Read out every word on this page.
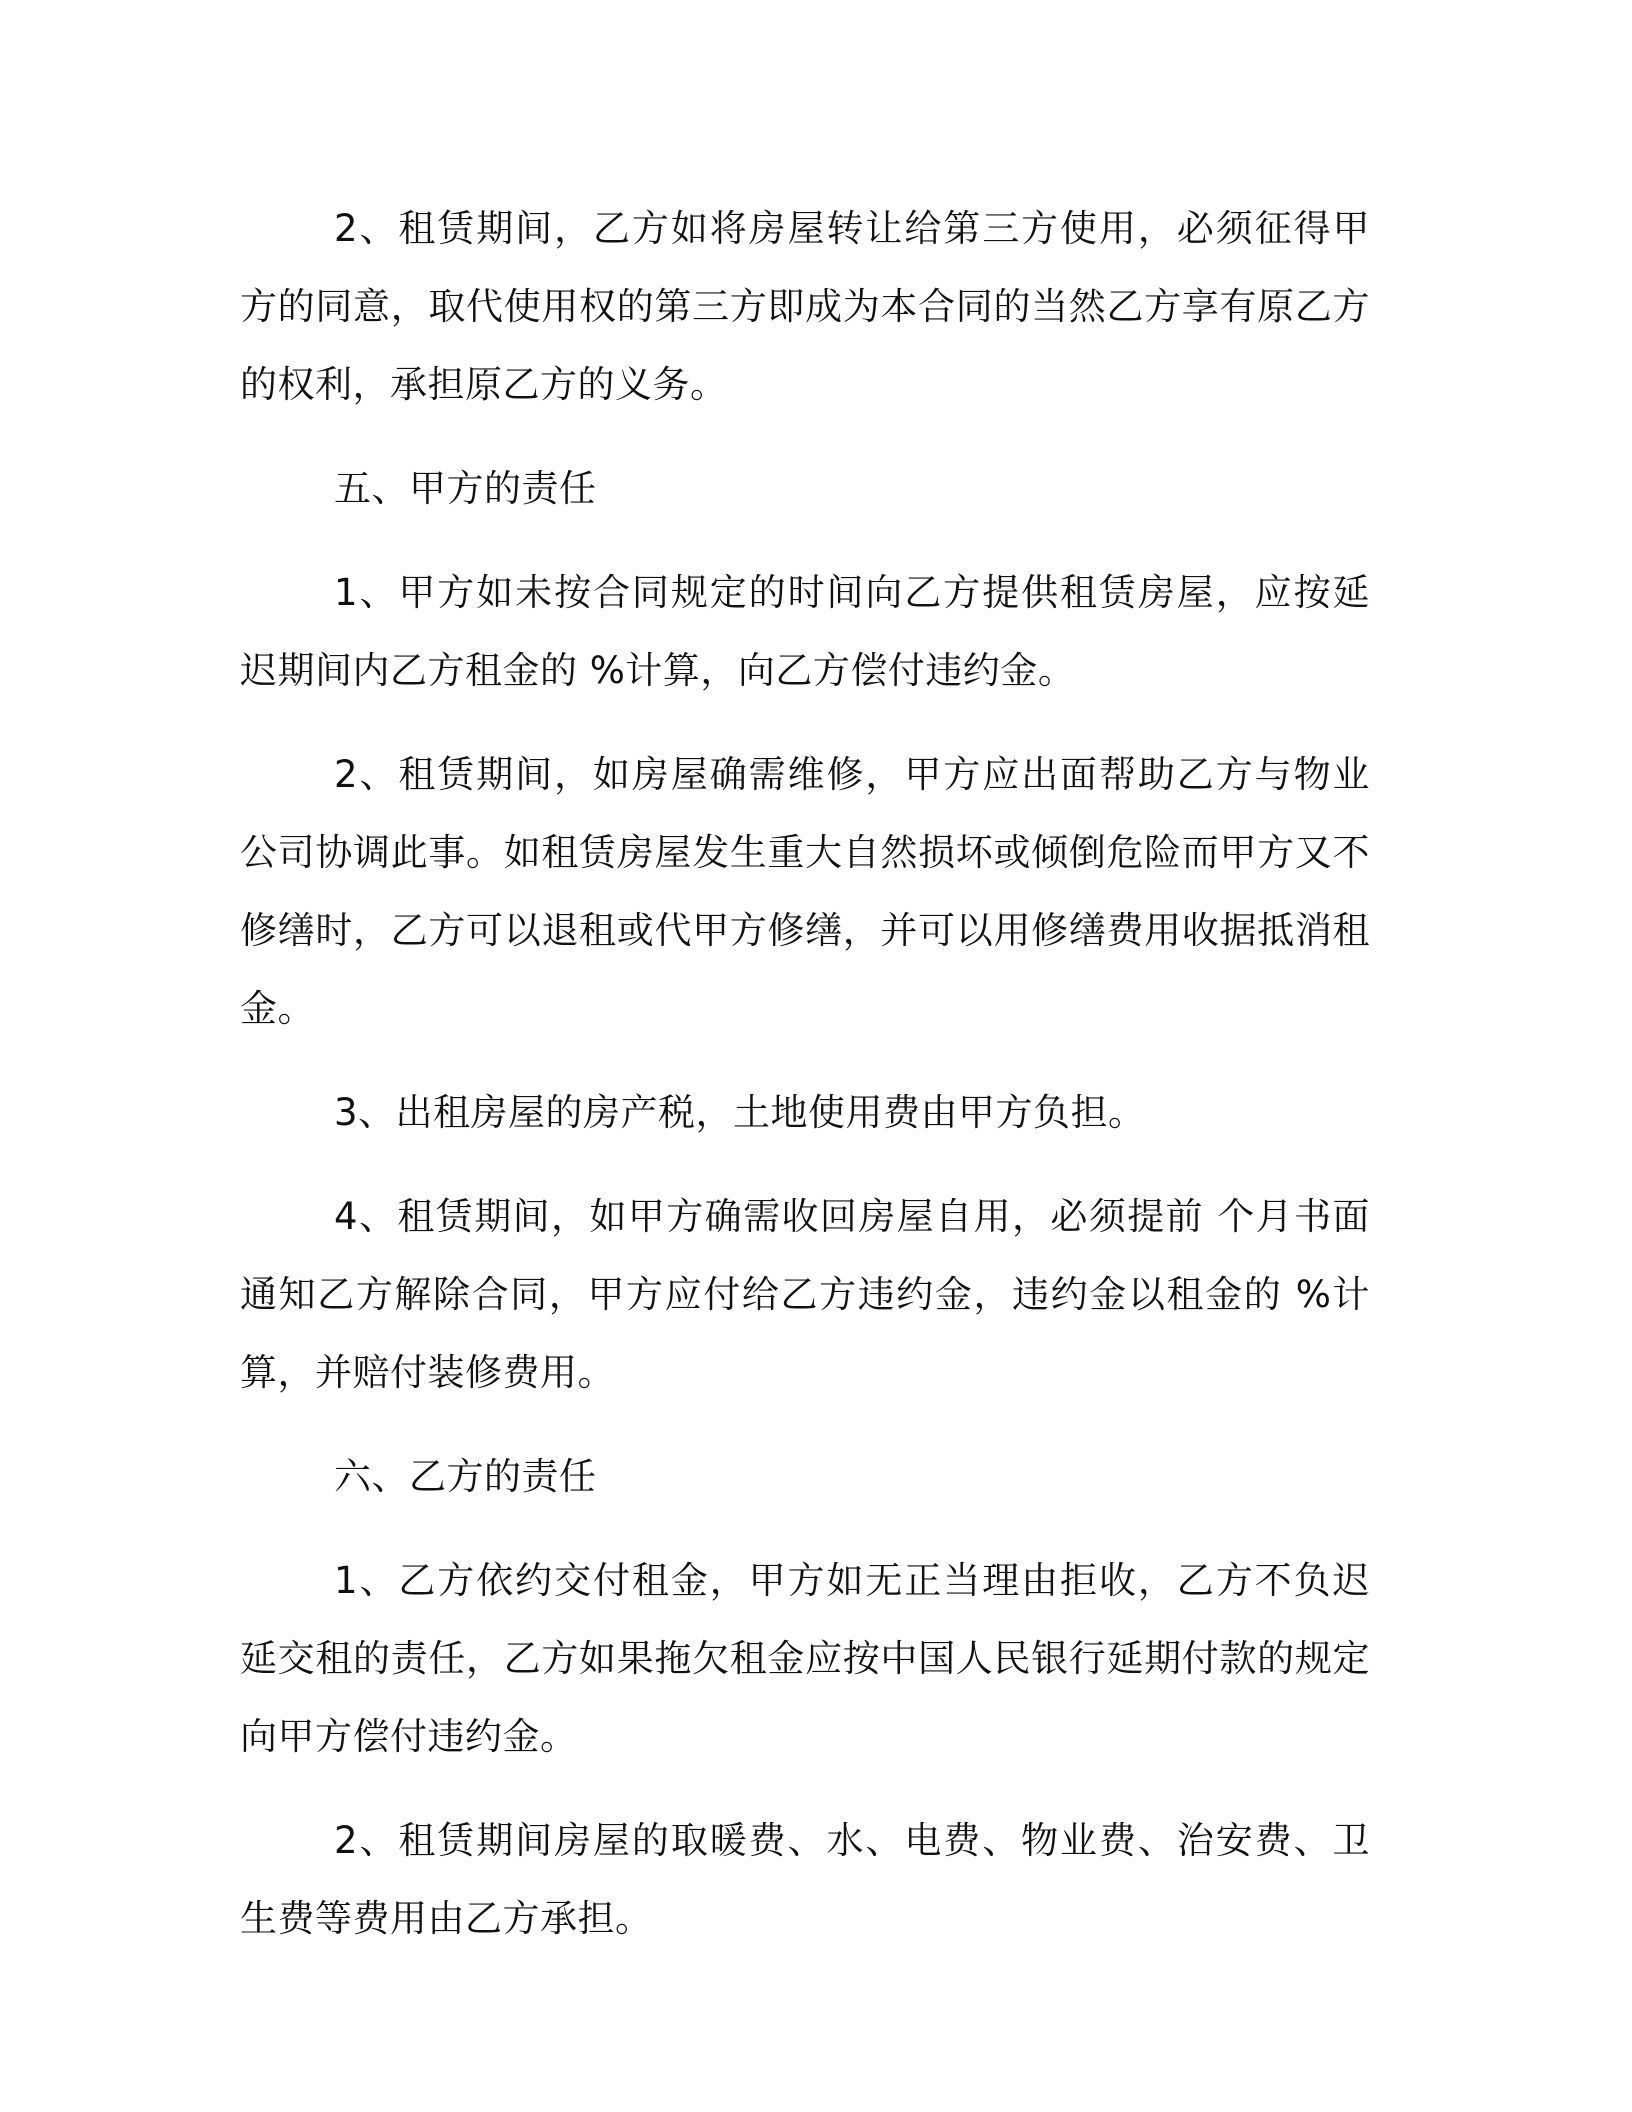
2、租赁期间，乙方如将房屋转让给第三方使用，必须征得甲方的同意，取代使用权的第三方即成为本合同的当然乙方享有原乙方的权利，承担原乙方的义务。

五、甲方的责任

1、甲方如未按合同规定的时间向乙方提供租赁房屋，应按延迟期间内乙方租金的 %计算，向乙方偿付违约金。

2、租赁期间，如房屋确需维修，甲方应出面帮助乙方与物业公司协调此事。如租赁房屋发生重大自然损坏或倾倒危险而甲方又不修缮时，乙方可以退租或代甲方修缮，并可以用修缮费用收据抵消租金。

3、出租房屋的房产税，土地使用费由甲方负担。

4、租赁期间，如甲方确需收回房屋自用，必须提前 个月书面通知乙方解除合同，甲方应付给乙方违约金，违约金以租金的 %计算，并赔付装修费用。

六、乙方的责任

1、乙方依约交付租金，甲方如无正当理由拒收，乙方不负迟延交租的责任，乙方如果拖欠租金应按中国人民银行延期付款的规定向甲方偿付违约金。

2、租赁期间房屋的取暖费、水、电费、物业费、治安费、卫生费等费用由乙方承担。
